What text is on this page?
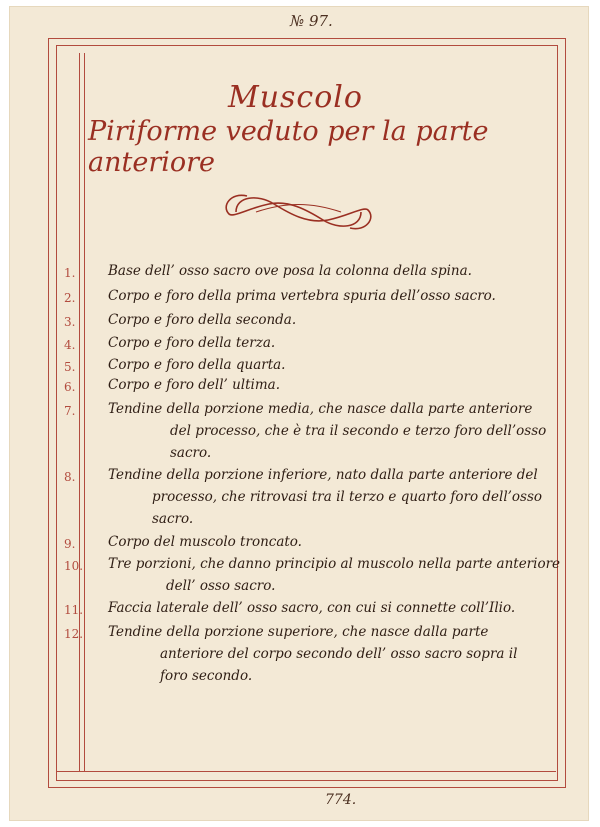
№ 97.
Muscolo
Piriforme veduto per la parte anteriore
1. Base dell’ osso sacro ove posa la colonna della spina.
2. Corpo e foro della prima vertebra spuria dell’osso sacro.
3. Corpo e foro della seconda.
4. Corpo e foro della terza.
5. Corpo e foro della quarta.
6. Corpo e foro dell’ ultima.
7. Tendine della porzione media, che nasce dalla parte anteriore
del processo, che è tra il secondo e terzo foro dell’osso
sacro.
8. Tendine della porzione inferiore, nato dalla parte anteriore del
processo, che ritrovasi tra il terzo e quarto foro dell’osso
sacro.
9. Corpo del muscolo troncato.
10. Tre porzioni, che danno principio al muscolo nella parte anteriore
dell’ osso sacro.
11. Faccia laterale dell’ osso sacro, con cui si connette coll’Ilio.
12. Tendine della porzione superiore, che nasce dalla parte
anteriore del corpo secondo dell’ osso sacro sopra il
foro secondo.
774.
